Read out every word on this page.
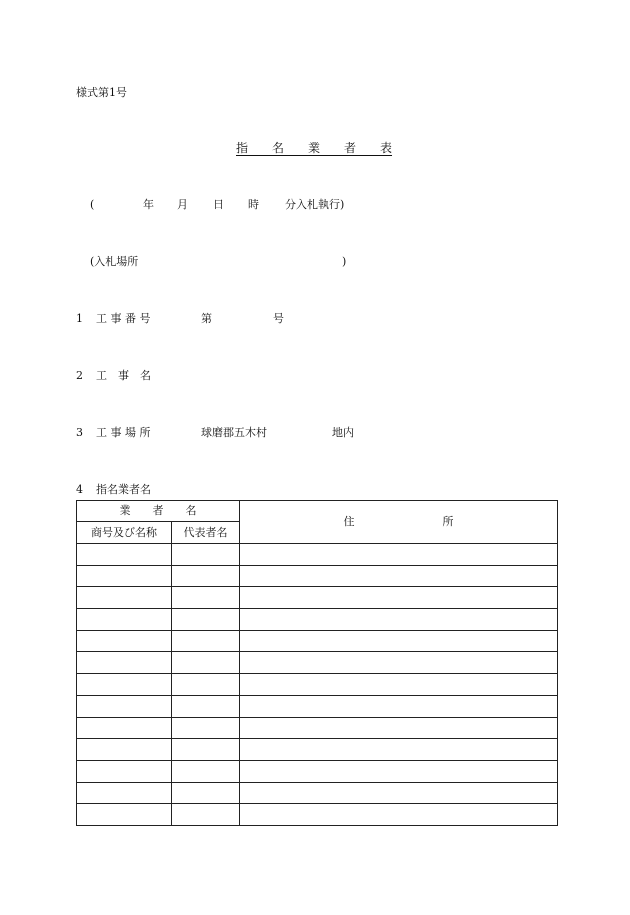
様式第1号
指　　名　　業　　者　　表
(	年 月 日 時 分入札執行)
(入札場所	)
1 工 事 番 号	第	号
2 工　事　名
3 工 事 場 所	球磨郡五木村	地内
4 指名業者名
業　　者　　名		住　　　　　　　　所
商号及び名称	代表者名	
